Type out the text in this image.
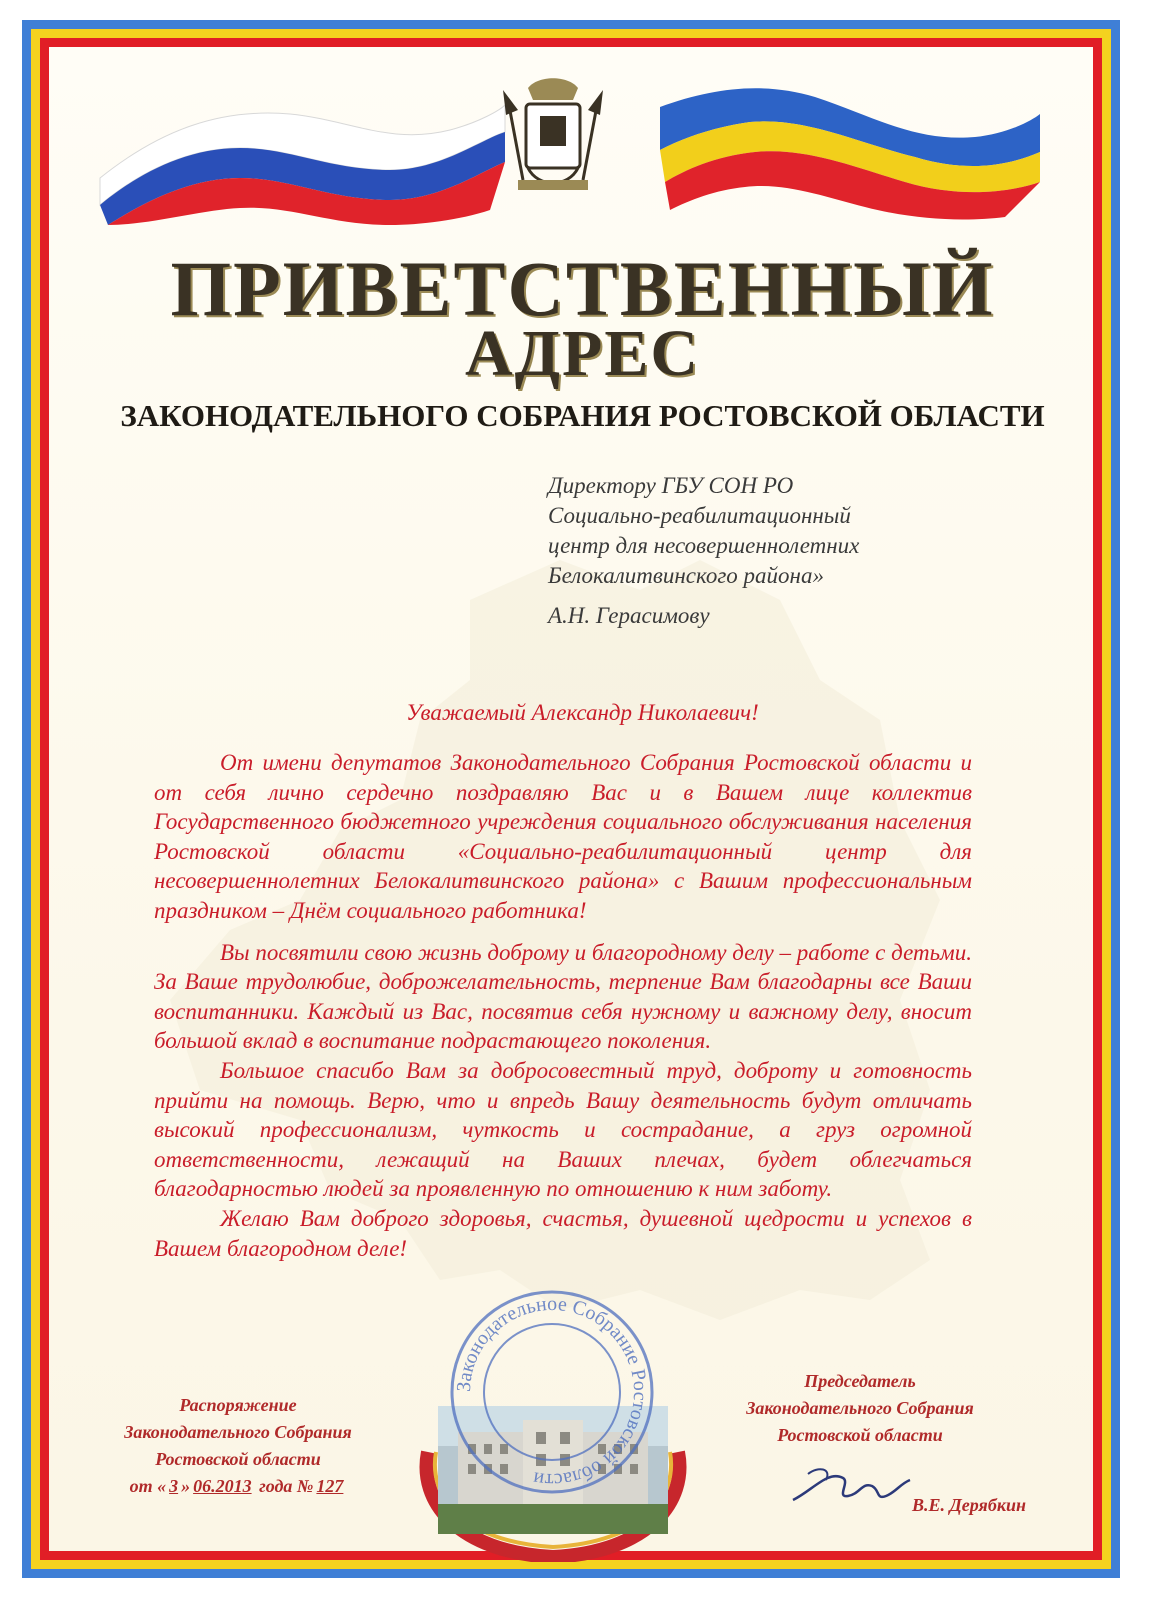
ПРИВЕТСТВЕННЫЙ
АДРЕС
ЗАКОНОДАТЕЛЬНОГО СОБРАНИЯ РОСТОВСКОЙ ОБЛАСТИ
Директору ГБУ СОН РО
Социально-реабилитационный
центр для несовершеннолетних
Белокалитвинского района»
А.Н. Герасимову
Уважаемый Александр Николаевич!

От имени депутатов Законодательного Собрания Ростовской области и от себя лично сердечно поздравляю Вас и в Вашем лице коллектив Государственного бюджетного учреждения социального обслуживания населения Ростовской области «Социально-реабилитационный центр для несовершеннолетних Белокалитвинского района» с Вашим профессиональным праздником – Днём социального работника!

Вы посвятили свою жизнь доброму и благородному делу – работе с детьми. За Ваше трудолюбие, доброжелательность, терпение Вам благодарны все Ваши воспитанники. Каждый из Вас, посвятив себя нужному и важному делу, вносит большой вклад в воспитание подрастающего поколения.

Большое спасибо Вам за добросовестный труд, доброту и готовность прийти на помощь. Верю, что и впредь Вашу деятельность будут отличать высокий профессионализм, чуткость и сострадание, а груз огромной ответственности, лежащий на Ваших плечах, будет облегчаться благодарностью людей за проявленную по отношению к ним заботу.

Желаю Вам доброго здоровья, счастья, душевной щедрости и успехов в Вашем благородном деле!

Законодательное Собрание Ростовской области
Распоряжение
Законодательного Собрания
Ростовской области
от « 3 » 06.2013 года № 127
Председатель
Законодательного Собрания
Ростовской области
В.Е. Дерябкин
